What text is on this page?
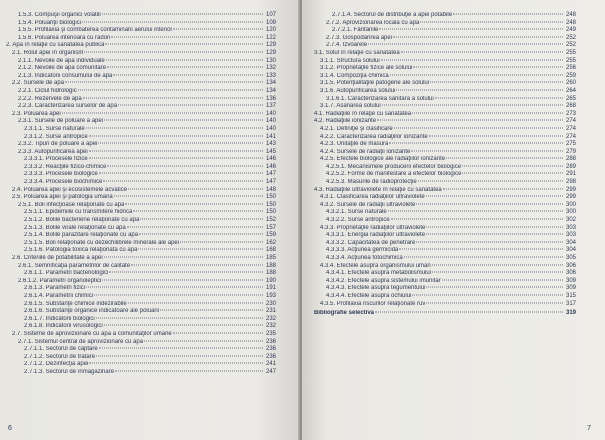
1.5.3. Compuşii organici volatili	107
1.5.4. Poluanţii biologici	109
1.5.5. Profilaxia şi combaterea contaminării aerului interior	120
1.5.6. Poluarea interioară cu radon	122
2. Apa în relaţie cu sănătatea publică	129
2.1. Rolul apei în organism	129
2.1.1. Nevoile de apă individuale	130
2.1.2. Nevoile de apă comunitare	132
2.1.3. Indicatorii consumului de apă	133
2.2. Sursele de apă	134
2.2.1. Ciclul hidrologic	134
2.2.2. Rezervele de apă	136
2.2.3. Caracterizarea surselor de apă	137
2.3. Poluarea apei	140
2.3.1. Sursele de poluare a apei	140
2.3.1.1. Surse naturale	140
2.3.1.2. Surse antropice	141
2.3.2. Tipuri de poluare a apei	143
2.3.3. Autopurificarea apei	145
2.3.3.1. Procesele fizice	146
2.3.3.2. Reacţiile fizico-chimice	146
2.3.3.3. Procesele biologice	147
2.3.3.4. Procesele biochimice	147
2.4. Poluarea apei şi ecosistemele acvatice	148
2.5. Poluarea apei şi patologia umană	150
2.5.1. Boli infecţioase relaţionate cu apa	150
2.5.1.1. Epidemiile cu transmitere hidrică	150
2.5.1.2. Bolile bacteriene relaţionate cu apa	152
2.5.1.3. Bolile virale relaţionate cu apa	157
2.5.1.4. Bolile parazitare relaţionate cu apa	159
2.5.1.5. Boli relaţionate cu dezechilibrele minerale ale apei	162
2.5.1.6. Patologia toxică relaţionată cu apa	168
2.6. Criteriile de potabilitate a apei	185
2.6.1. Semnificaţia parametrilor de calitate	188
2.6.1.1. Parametri bacteriologici	188
2.6.1.2. Parametri organoleptici	190
2.6.1.3. Parametri fizici	191
2.6.1.4. Parametrii chimici	193
2.6.1.5. Substanţe chimice indezirabile	230
2.6.1.6. Substanţe organice indicatoare ale poluării	231
2.6.1.7. Indicatorii biologici	232
2.6.1.8. Indicatorii virusologici	232
2.7. Sisteme de aprovizionare cu apă a comunităţilor umane	235
2.7.1. Sistemul central de aprovizionare cu apă	236
2.7.1.1. Sectorul de captare	236
2.7.1.2. Sectorul de tratare	236
2.7.1.2. Dezinfecţia apei	241
2.7.1.3. Sectorul de înmagazinare	247
6
2.7.1.4. Sectorul de distribuţie a apei potabile	248
2.7.2. Aprovizionarea locală cu apă	248
2.7.2.1. Fântânile	249
2.7.3. Gospodărirea apei	252
2.7.4. Izvoarele	252
3.1. Solul în relaţie cu sănătatea	255
3.1.1. Structura solului	255
3.1.2. Proprietăţile fizice ale solului	256
3.1.4. Compoziţia chimică	259
3.1.5. Potenţialităţile patogene ale solului	260
3.1.6. Autopurificarea solului	264
3.1.6.1. Caracterizarea sanitară a solului	265
3.1.7. Asanarea solului	268
4.1. Radiaţiile în relaţie cu sănătatea	273
4.2. Radiaţiile ionizante	274
4.2.1. Definiţie şi clasificare	274
4.2.2. Caracterizarea radiaţiilor ionizante	274
4.2.3. Unităţile de măsură	275
4.2.4. Sursele de radiaţii ionizante	279
4.2.5. Efectele biologice ale radiaţiilor ionizante	288
4.2.5.1. Mecanismele producerii efectelor biologice	289
4.2.5.2. Forme de manifestare a efectelor biologice	291
4.2.5.3. Măsurile de radioprotecţie	298
4.3. Radiaţiile ultraviolete în relaţie cu sănătatea	299
4.3.1. Clasificarea radiaţiilor ultraviolete	299
4.3.2. Sursele de radiaţii ultraviolete	300
4.3.2.1. Surse naturale	300
4.3.2.2. Surse antropice	302
4.3.3. Proprietăţile radiaţiilor ultraviolete	303
4.3.3.1. Energia radiaţiilor ultraviolete	303
4.3.3.2. Capacitatea de penetrare	304
4.3.3.3. Acţiunea germicidă	304
4.3.3.4. Acţiunea fotochimică	305
4.3.4. Efectele asupra organismului uman	306
4.3.4.1. Efectele asupra metabolismului	306
4.3.4.2. Efectele asupra sistemului imunitar	309
4.3.4.3. Efectele asupra tegumentului	309
4.3.4.4. Efectele asupra ochiului	315
4.3.5. Profilaxia riscurilor relaţionate ruv	317
Bibliografie selectivă	319
7
